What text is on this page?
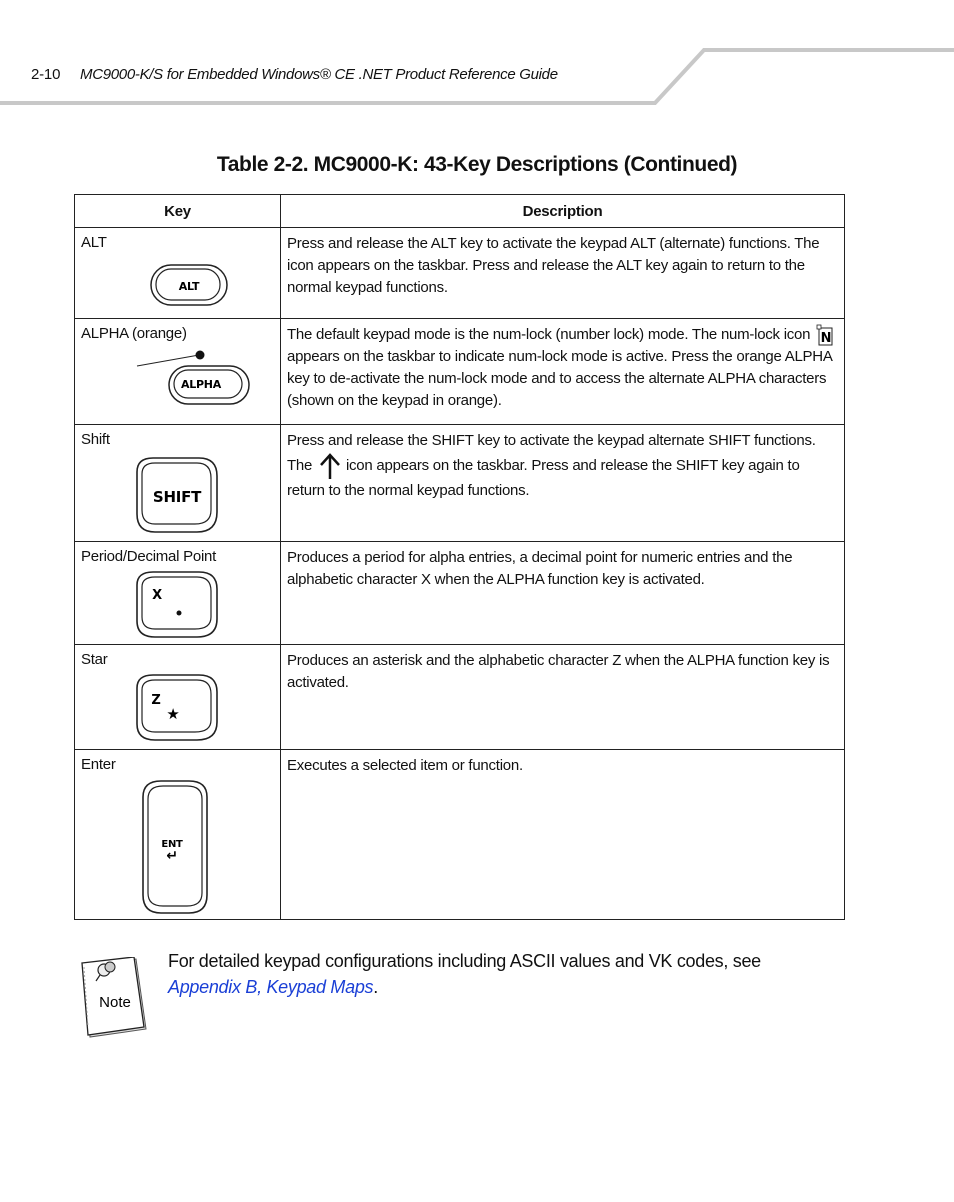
2-10 MC9000-K/S for Embedded Windows® CE .NET Product Reference Guide
Table 2-2. MC9000-K: 43-Key Descriptions (Continued)
Key	Description

ALT
ALT	Press and release the ALT key to activate the keypad ALT (alternate) functions. The icon appears on the taskbar. Press and release the ALT key again to return to the normal keypad functions.

ALPHA (orange)
ALPHA	The default keypad mode is the num-lock (number lock) mode. The num-lock icon N
appears on the taskbar to indicate num-lock mode is active. Press the orange ALPHA key to de-activate the num-lock mode and to access the alternate ALPHA characters (shown on the keypad in orange).

Shift
SHIFT	Press and release the SHIFT key to activate the keypad alternate SHIFT functions. The icon appears on the taskbar. Press and release the SHIFT key again to return to the normal keypad functions.

Period/Decimal Point
X	Produces a period for alpha entries, a decimal point for numeric entries and the alphabetic character X when the ALPHA function key is activated.

Star
Z
★	Produces an asterisk and the alphabetic character Z when the ALPHA function key is activated.

Enter
ENT
↵	Executes a selected item or function.
Note
For detailed keypad configurations including ASCII values and VK codes, see
Appendix B, Keypad Maps.
